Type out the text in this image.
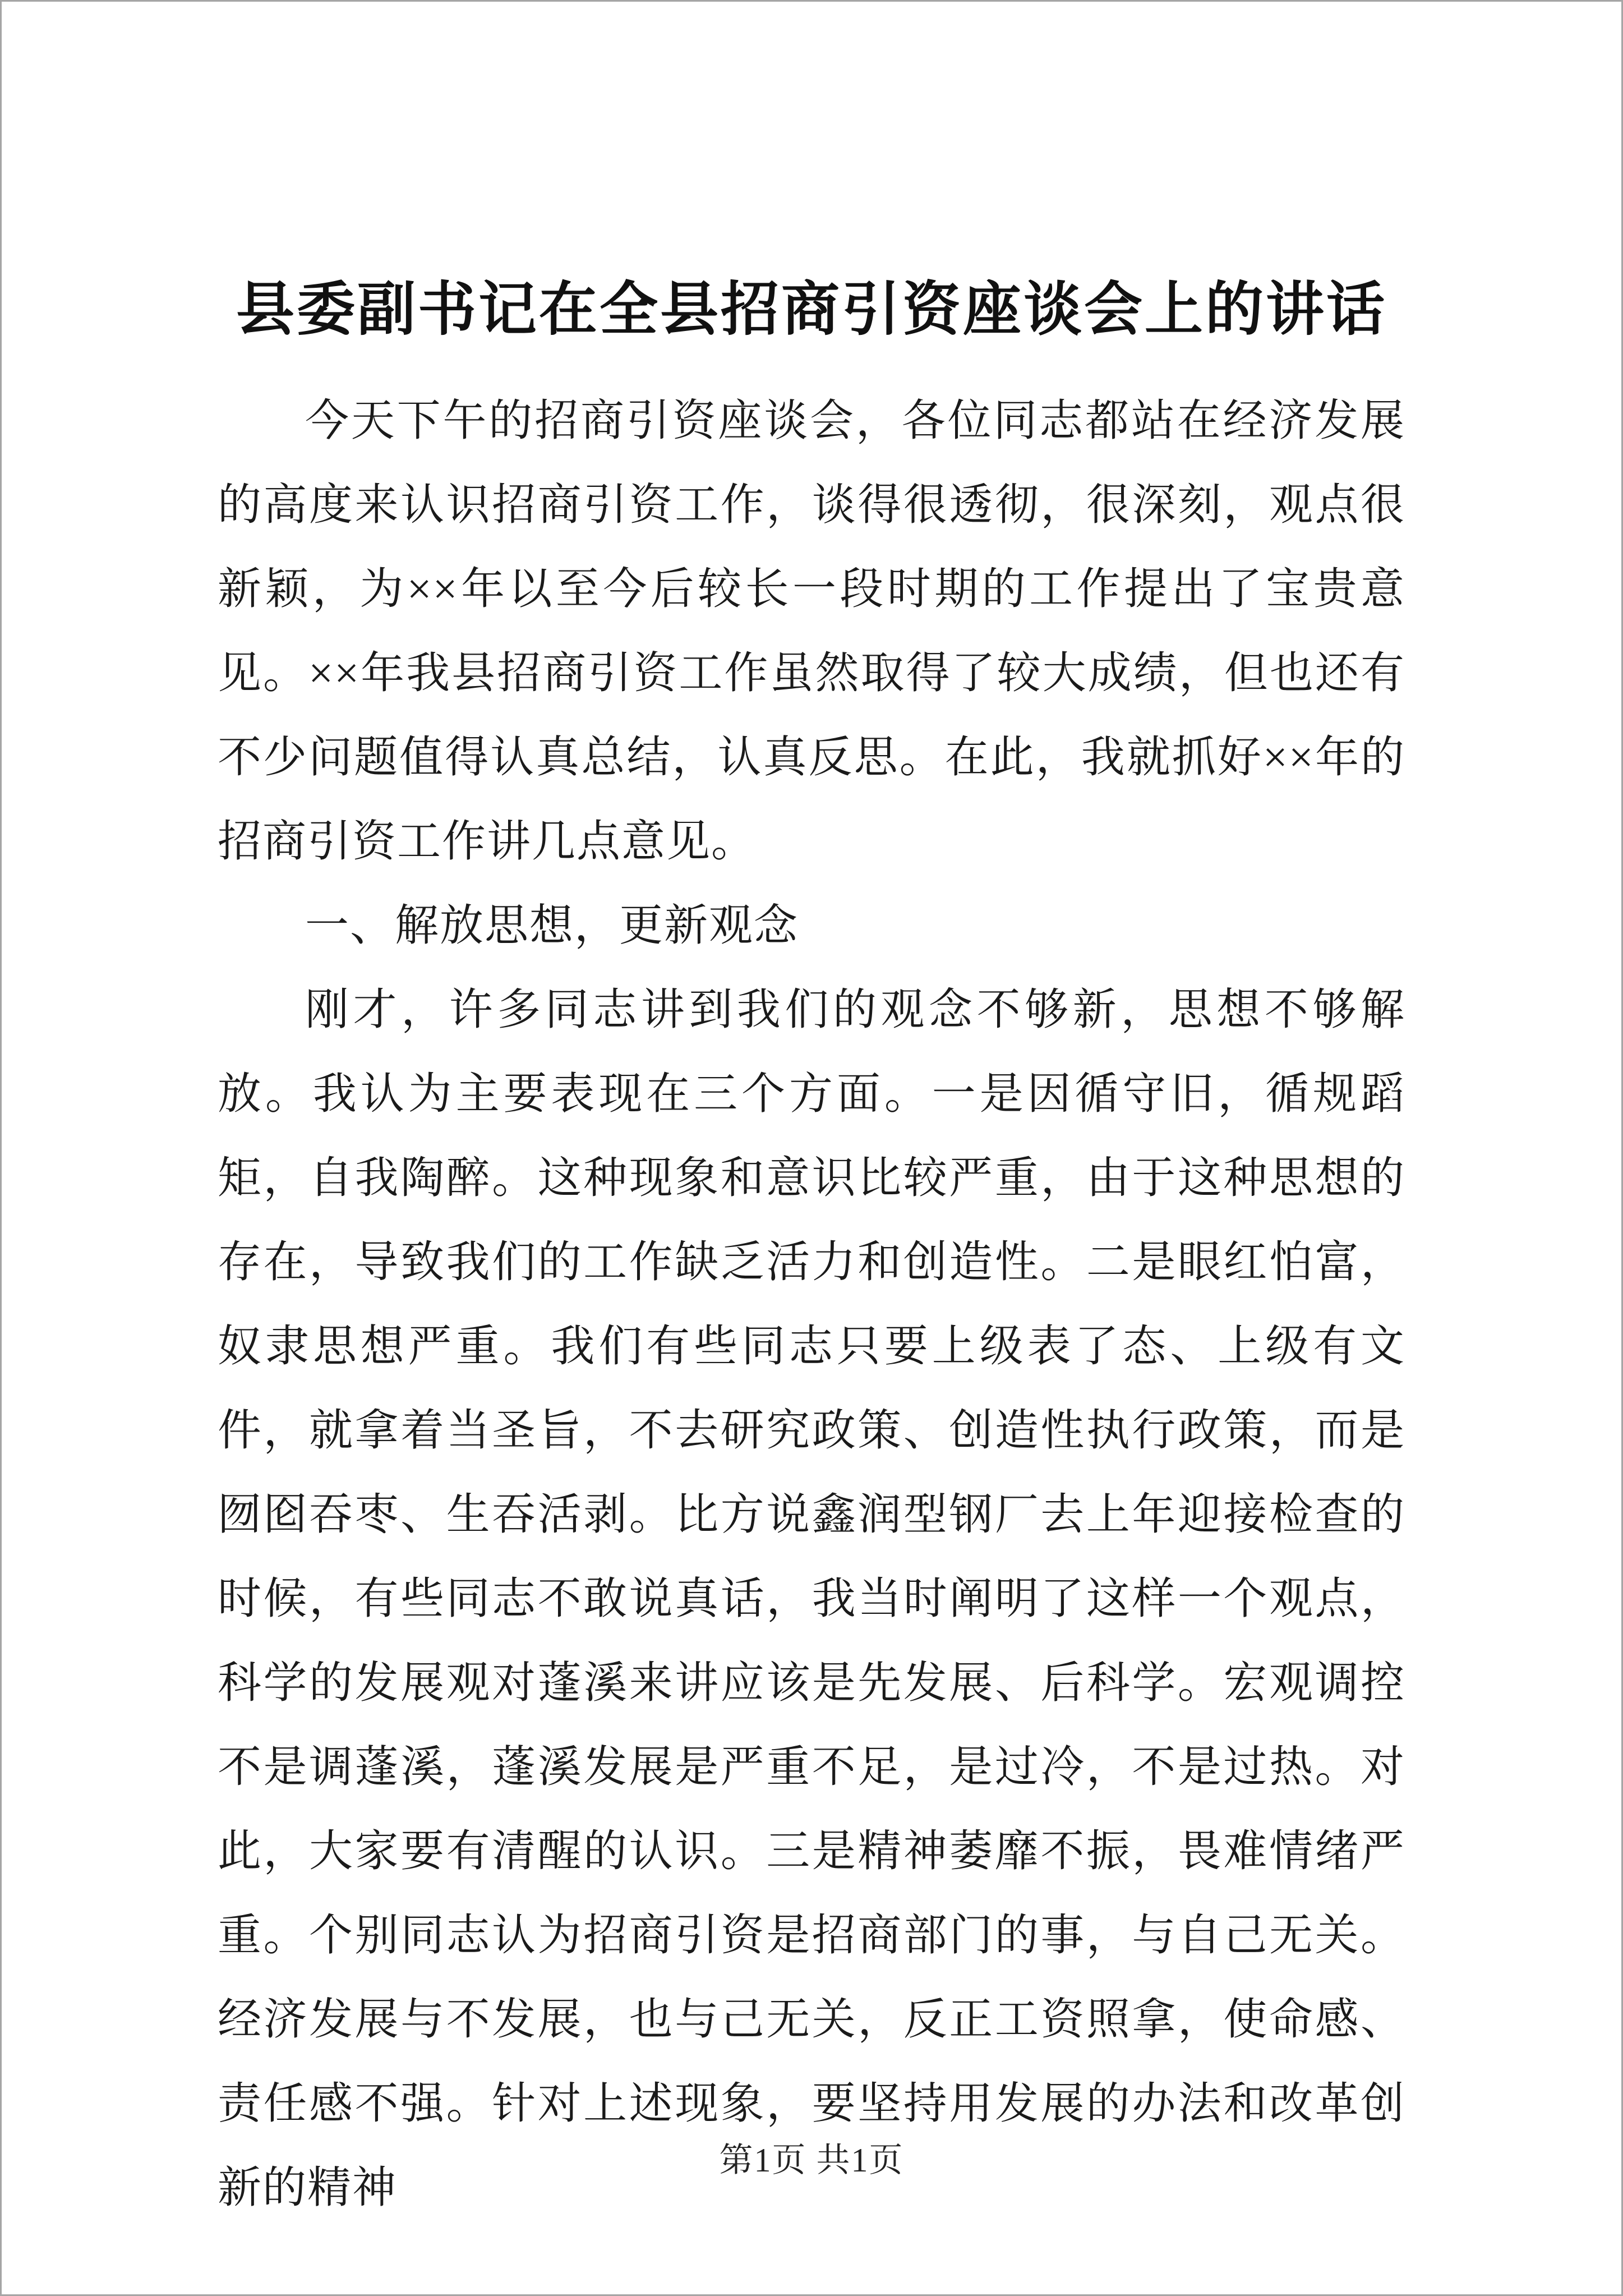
县委副书记在全县招商引资座谈会上的讲话

今天下午的招商引资座谈会，各位同志都站在经济发展的高度来认识招商引资工作，谈得很透彻，很深刻，观点很新颖，为××年以至今后较长一段时期的工作提出了宝贵意见。××年我县招商引资工作虽然取得了较大成绩，但也还有不少问题值得认真总结，认真反思。在此，我就抓好××年的招商引资工作讲几点意见。

一、解放思想，更新观念

刚才，许多同志讲到我们的观念不够新，思想不够解放。我认为主要表现在三个方面。一是因循守旧，循规蹈矩，自我陶醉。这种现象和意识比较严重，由于这种思想的存在，导致我们的工作缺乏活力和创造性。二是眼红怕富，奴隶思想严重。我们有些同志只要上级表了态、上级有文件，就拿着当圣旨，不去研究政策、创造性执行政策，而是囫囵吞枣、生吞活剥。比方说鑫润型钢厂去上年迎接检查的时候，有些同志不敢说真话，我当时阐明了这样一个观点，科学的发展观对蓬溪来讲应该是先发展、后科学。宏观调控不是调蓬溪，蓬溪发展是严重不足，是过冷，不是过热。对此，大家要有清醒的认识。三是精神萎靡不振，畏难情绪严重。个别同志认为招商引资是招商部门的事，与自己无关。经济发展与不发展，也与己无关，反正工资照拿，使命感、责任感不强。针对上述现象，要坚持用发展的办法和改革创新的精神

第1页 共1页
